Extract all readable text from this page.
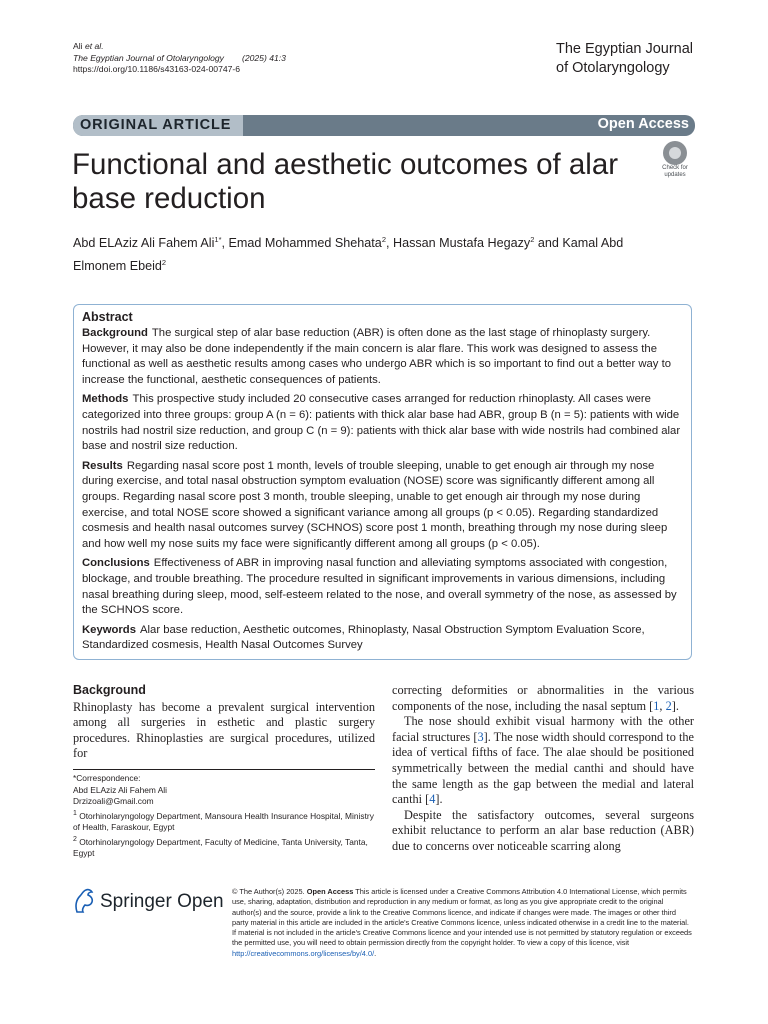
Ali et al.
The Egyptian Journal of Otolaryngology (2025) 41:3
https://doi.org/10.1186/s43163-024-00747-6
The Egyptian Journal
of Otolaryngology
ORIGINAL ARTICLE	Open Access
Functional and aesthetic outcomes of alar base reduction
Check for
updates
Abd ELAziz Ali Fahem Ali$^{1*}$, Emad Mohammed Shehata$^2$, Hassan Mustafa Hegazy$^2$ and Kamal Abd Elmonem Ebeid$^2$
Abstract

Background The surgical step of alar base reduction (ABR) is often done as the last stage of rhinoplasty surgery. However, it may also be done independently if the main concern is alar flare. This work was designed to assess the functional as well as aesthetic results among cases who undergo ABR which is so important to find out a better way to increase the functional, aesthetic consequences of patients.

Methods This prospective study included 20 consecutive cases arranged for reduction rhinoplasty. All cases were categorized into three groups: group A (n = 6): patients with thick alar base had ABR, group B (n = 5): patients with wide nostrils had nostril size reduction, and group C (n = 9): patients with thick alar base with wide nostrils had combined alar base and nostril size reduction.

Results Regarding nasal score post 1 month, levels of trouble sleeping, unable to get enough air through my nose during exercise, and total nasal obstruction symptom evaluation (NOSE) score was significantly different among all groups. Regarding nasal score post 3 month, trouble sleeping, unable to get enough air through my nose during exercise, and total NOSE score showed a significant variance among all groups (p < 0.05). Regarding standardized cosmesis and health nasal outcomes survey (SCHNOS) score post 1 month, breathing through my nose during sleep and how well my nose suits my face were significantly different among all groups (p < 0.05).

Conclusions Effectiveness of ABR in improving nasal function and alleviating symptoms associated with congestion, blockage, and trouble breathing. The procedure resulted in significant improvements in various dimensions, including nasal breathing during sleep, mood, self-esteem related to the nose, and overall symmetry of the nose, as assessed by the SCHNOS score.

Keywords Alar base reduction, Aesthetic outcomes, Rhinoplasty, Nasal Obstruction Symptom Evaluation Score, Standardized cosmesis, Health Nasal Outcomes Survey

Background

Rhinoplasty has become a prevalent surgical intervention among all surgeries in esthetic and plastic surgery procedures. Rhinoplasties are surgical procedures, utilized for

correcting deformities or abnormalities in the various components of the nose, including the nasal septum [1, 2].

The nose should exhibit visual harmony with the other facial structures [3]. The nose width should correspond to the idea of vertical fifths of face. The alae should be positioned symmetrically between the medial canthi and should have the same length as the gap between the medial and lateral canthi [4].

Despite the satisfactory outcomes, several surgeons exhibit reluctance to perform an alar base reduction (ABR) due to concerns over noticeable scarring along

*Correspondence:

Abd ELAziz Ali Fahem Ali

Drzizoali@Gmail.com

$^1$ Otorhinolaryngology Department, Mansoura Health Insurance Hospital, Ministry of Health, Faraskour, Egypt

$^2$ Otorhinolaryngology Department, Faculty of Medicine, Tanta University, Tanta, Egypt

Springer Open © The Author(s) 2025. Open Access This article is licensed under a Creative Commons Attribution 4.0 International License, which permits use, sharing, adaptation, distribution and reproduction in any medium or format, as long as you give appropriate credit to the original author(s) and the source, provide a link to the Creative Commons licence, and indicate if changes were made. The images or other third party material in this article are included in the article's Creative Commons licence, unless indicated otherwise in a credit line to the material. If material is not included in the article's Creative Commons licence and your intended use is not permitted by statutory regulation or exceeds the permitted use, you will need to obtain permission directly from the copyright holder. To view a copy of this licence, visit http://creativecommons.org/licenses/by/4.0/.
